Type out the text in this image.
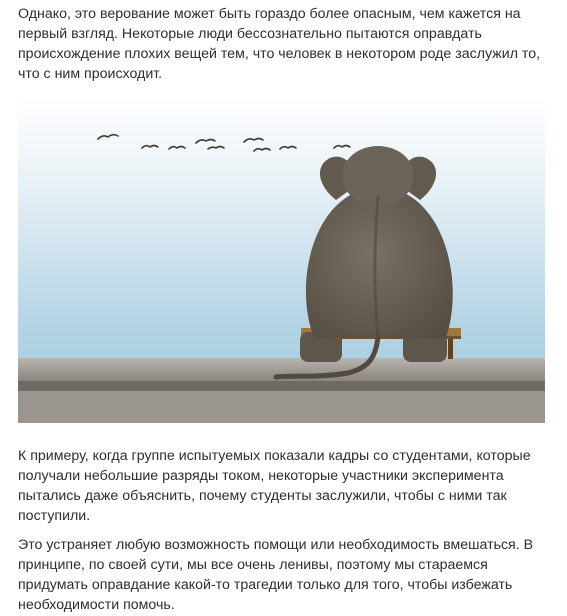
Однако, это верование может быть гораздо более опасным, чем кажется на первый взгляд. Некоторые люди бессознательно пытаются оправдать происхождение плохих вещей тем, что человек в некотором роде заслужил то, что с ним происходит.

К примеру, когда группе испытуемых показали кадры со студентами, которые получали небольшие разряды током, некоторые участники эксперимента пытались даже объяснить, почему студенты заслужили, чтобы с ними так поступили.

Это устраняет любую возможность помощи или необходимость вмешаться. В принципе, по своей сути, мы все очень ленивы, поэтому мы стараемся придумать оправдание какой-то трагедии только для того, чтобы избежать необходимости помочь.
